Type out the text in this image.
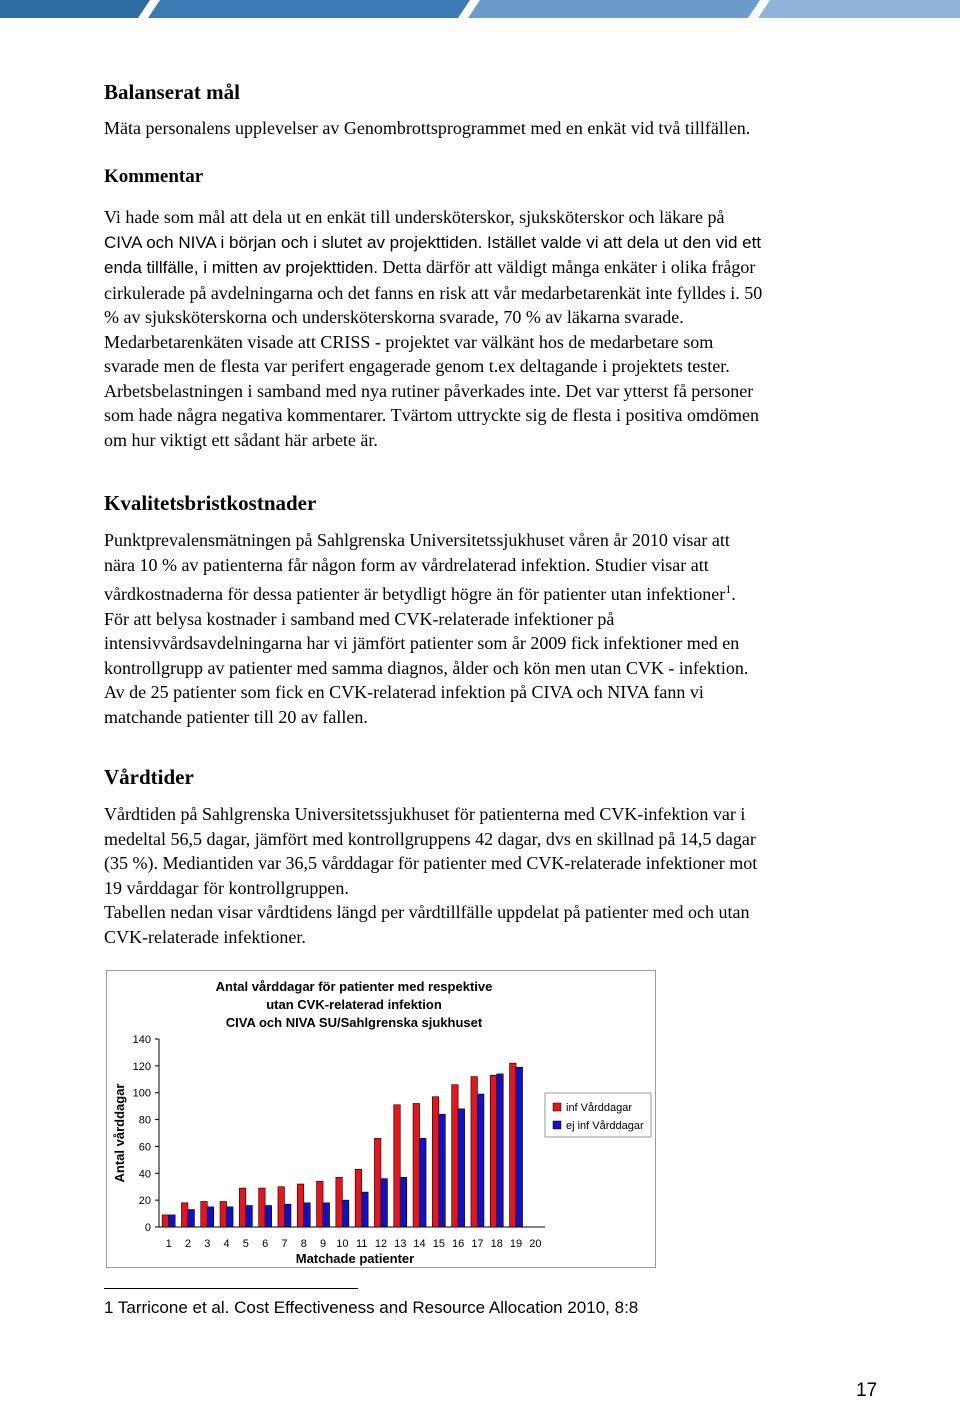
Balanserat mål

Mäta personalens upplevelser av Genombrottsprogrammet med en enkät vid två tillfällen.

Kommentar

Vi hade som mål att dela ut en enkät till undersköterskor, sjuksköterskor och läkare på
CIVA och NIVA i början och i slutet av projekttiden. Istället valde vi att dela ut den vid ett
enda tillfälle, i mitten av projekttiden. Detta därför att väldigt många enkäter i olika frågor
cirkulerade på avdelningarna och det fanns en risk att vår medarbetarenkät inte fylldes i. 50
% av sjuksköterskorna och undersköterskorna svarade, 70 % av läkarna svarade.
Medarbetarenkäten visade att CRISS - projektet var välkänt hos de medarbetare som
svarade men de flesta var perifert engagerade genom t.ex deltagande i projektets tester.
Arbetsbelastningen i samband med nya rutiner påverkades inte. Det var ytterst få personer
som hade några negativa kommentarer. Tvärtom uttryckte sig de flesta i positiva omdömen
om hur viktigt ett sådant här arbete är.

Kvalitetsbristkostnader

Punktprevalensmätningen på Sahlgrenska Universitetssjukhuset våren år 2010 visar att
nära 10 % av patienterna får någon form av vårdrelaterad infektion. Studier visar att
vårdkostnaderna för dessa patienter är betydligt högre än för patienter utan infektioner$^1$.
För att belysa kostnader i samband med CVK-relaterade infektioner på
intensivvårdsavdelningarna har vi jämfört patienter som år 2009 fick infektioner med en
kontrollgrupp av patienter med samma diagnos, ålder och kön men utan CVK - infektion.
Av de 25 patienter som fick en CVK-relaterad infektion på CIVA och NIVA fann vi
matchande patienter till 20 av fallen.

Vårdtider

Vårdtiden på Sahlgrenska Universitetssjukhuset för patienterna med CVK-infektion var i
medeltal 56,5 dagar, jämfört med kontrollgruppens 42 dagar, dvs en skillnad på 14,5 dagar
(35 %). Mediantiden var 36,5 vårddagar för patienter med CVK-relaterade infektioner mot
19 vårddagar för kontrollgruppen.
Tabellen nedan visar vårdtidens längd per vårdtillfälle uppdelat på patienter med och utan
CVK-relaterade infektioner.

Antal vårddagar för patienter med respektive
utan CVK-relaterad infektion
CIVA och NIVA SU/Sahlgrenska sjukhuset
Matchade patienter
Antal vårddagar
0
20
40
60
80
100
120
140
1 2 3 4 5 6 7 8 9 10 11 12 13 14 15 16 17 18 19 20
inf Vårddagar
ej inf Vårddagar

1 Tarricone et al. Cost Effectiveness and Resource Allocation 2010, 8:8

17
